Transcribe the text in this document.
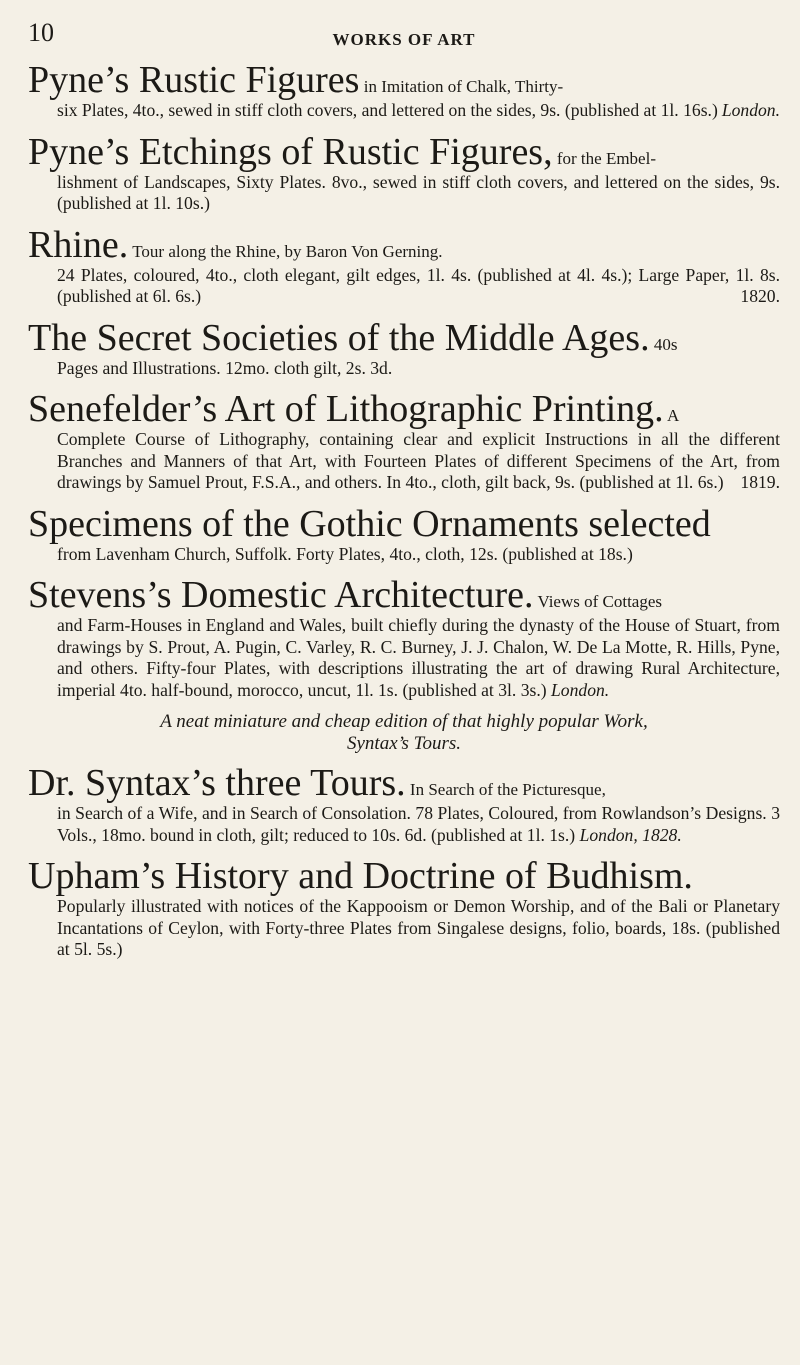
10	WORKS OF ART
Pyne’s Rustic Figures in Imitation of Chalk, Thirty-
six Plates, 4to., sewed in stiff cloth covers, and lettered on the sides, 9s. (published at 1l. 16s.) London.
Pyne’s Etchings of Rustic Figures, for the Embel-
lishment of Landscapes, Sixty Plates. 8vo., sewed in stiff cloth covers, and lettered on the sides, 9s. (published at 1l. 10s.)
Rhine. Tour along the Rhine, by Baron Von Gerning.
24 Plates, coloured, 4to., cloth elegant, gilt edges, 1l. 4s. (published at 4l. 4s.); Large Paper, 1l. 8s. (published at 6l. 6s.)	1820.
The Secret Societies of the Middle Ages. 40s
Pages and Illustrations. 12mo. cloth gilt, 2s. 3d.
Senefelder’s Art of Lithographic Printing. A
Complete Course of Lithography, containing clear and explicit Instructions in all the different Branches and Manners of that Art, with Fourteen Plates of different Specimens of the Art, from drawings by Samuel Prout, F.S.A., and others. In 4to., cloth, gilt back, 9s. (published at 1l. 6s.) 1819.
Specimens of the Gothic Ornaments selected
from Lavenham Church, Suffolk. Forty Plates, 4to., cloth, 12s. (published at 18s.)
Stevens’s Domestic Architecture. Views of Cottages
and Farm-Houses in England and Wales, built chiefly during the dynasty of the House of Stuart, from drawings by S. Prout, A. Pugin, C. Varley, R. C. Burney, J. J. Chalon, W. De La Motte, R. Hills, Pyne, and others. Fifty-four Plates, with descriptions illustrating the art of drawing Rural Architecture, imperial 4to. half-bound, morocco, uncut, 1l. 1s. (published at 3l. 3s.) London.
A neat miniature and cheap edition of that highly popular Work,
Syntax’s Tours.
Dr. Syntax’s three Tours. In Search of the Picturesque,
in Search of a Wife, and in Search of Consolation. 78 Plates, Coloured, from Rowlandson’s Designs. 3 Vols., 18mo. bound in cloth, gilt; reduced to 10s. 6d. (published at 1l. 1s.) London, 1828.
Upham’s History and Doctrine of Budhism.
Popularly illustrated with notices of the Kappooism or Demon Worship, and of the Bali or Planetary Incantations of Ceylon, with Forty-three Plates from Singalese designs, folio, boards, 18s. (published at 5l. 5s.)
